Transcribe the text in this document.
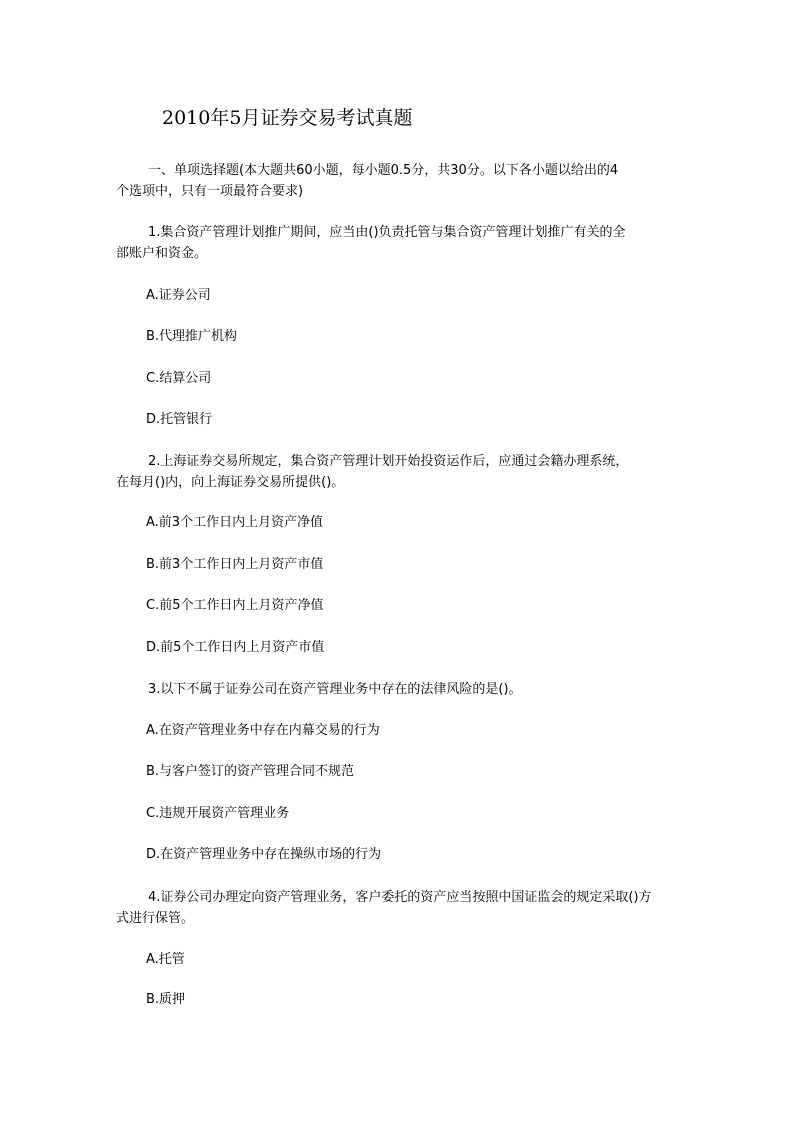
2010年5月证券交易考试真题

一、单项选择题(本大题共60小题，每小题0.5分，共30分。以下各小题以给出的4
个选项中，只有一项最符合要求)

1.集合资产管理计划推广期间，应当由()负责托管与集合资产管理计划推广有关的全
部账户和资金。

A.证券公司

B.代理推广机构

C.结算公司

D.托管银行

2.上海证券交易所规定，集合资产管理计划开始投资运作后，应通过会籍办理系统，
在每月()内，向上海证券交易所提供()。

A.前3个工作日内上月资产净值

B.前3个工作日内上月资产市值

C.前5个工作日内上月资产净值

D.前5个工作日内上月资产市值

3.以下不属于证券公司在资产管理业务中存在的法律风险的是()。

A.在资产管理业务中存在内幕交易的行为

B.与客户签订的资产管理合同不规范

C.违规开展资产管理业务

D.在资产管理业务中存在操纵市场的行为

4.证券公司办理定向资产管理业务，客户委托的资产应当按照中国证监会的规定采取()方
式进行保管。

A.托管

B.质押
